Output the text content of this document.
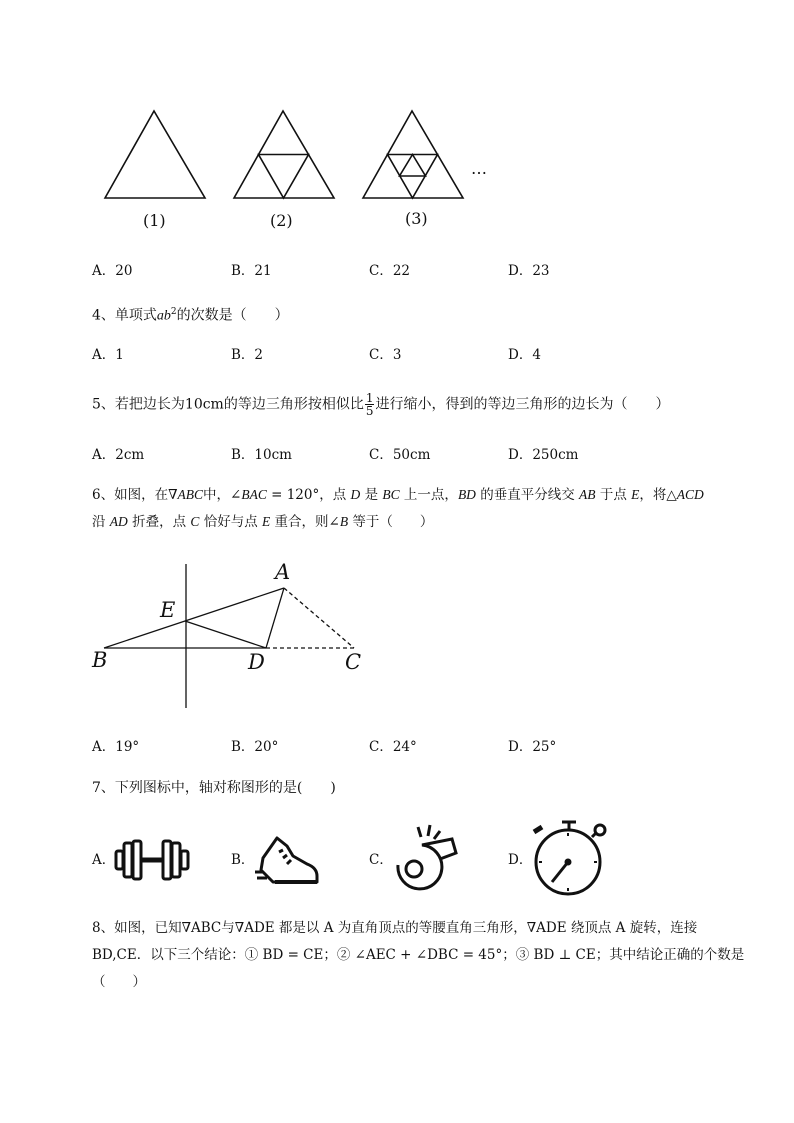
(1)	(2)	(3)
…
A．20	B．21	C．22	D．23
4、单项式$ab^2$的次数是（　　）
A．1	B．2	C．3	D．4
5、若把边长为10cm的等边三角形按相似比 $\frac{1}{5}$ 进行缩小，得到的等边三角形的边长为（　　）
A．2cm	B．10cm	C．50cm	D．250cm
6、如图，在∇ABC中，∠BAC = 120°，点 D 是 BC 上一点，BD 的垂直平分线交 AB 于点 E，将△ACD
沿 AD 折叠，点 C 恰好与点 E 重合，则∠B 等于（　　）
A
E
B	D	C
A．19°	B．20°	C．24°	D．25°
7、下列图标中，轴对称图形的是(　　)
A．	B．	C．	D．
8、如图，已知∇ABC与∇ADE 都是以 A 为直角顶点的等腰直角三角形，∇ADE 绕顶点 A 旋转，连接
BD,CE．以下三个结论：① BD = CE；② ∠AEC + ∠DBC = 45°；③ BD ⊥ CE；其中结论正确的个数是
（　　）
